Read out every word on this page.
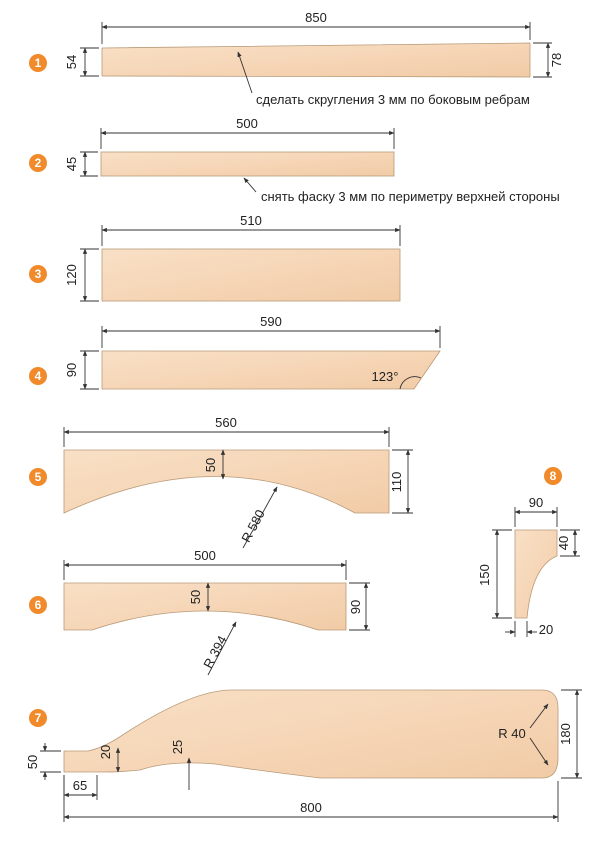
1
850
54	78
сделать скругления 3 мм по боковым ребрам
2
500
45
снять фаску 3 мм по периметру верхней стороны
3
510
120
4
590
90	123°
5
560
110
50
R 580
6
500
90
50
R 394
8
90
150
40
20
7
800
180
50
65
20	25
R 40
